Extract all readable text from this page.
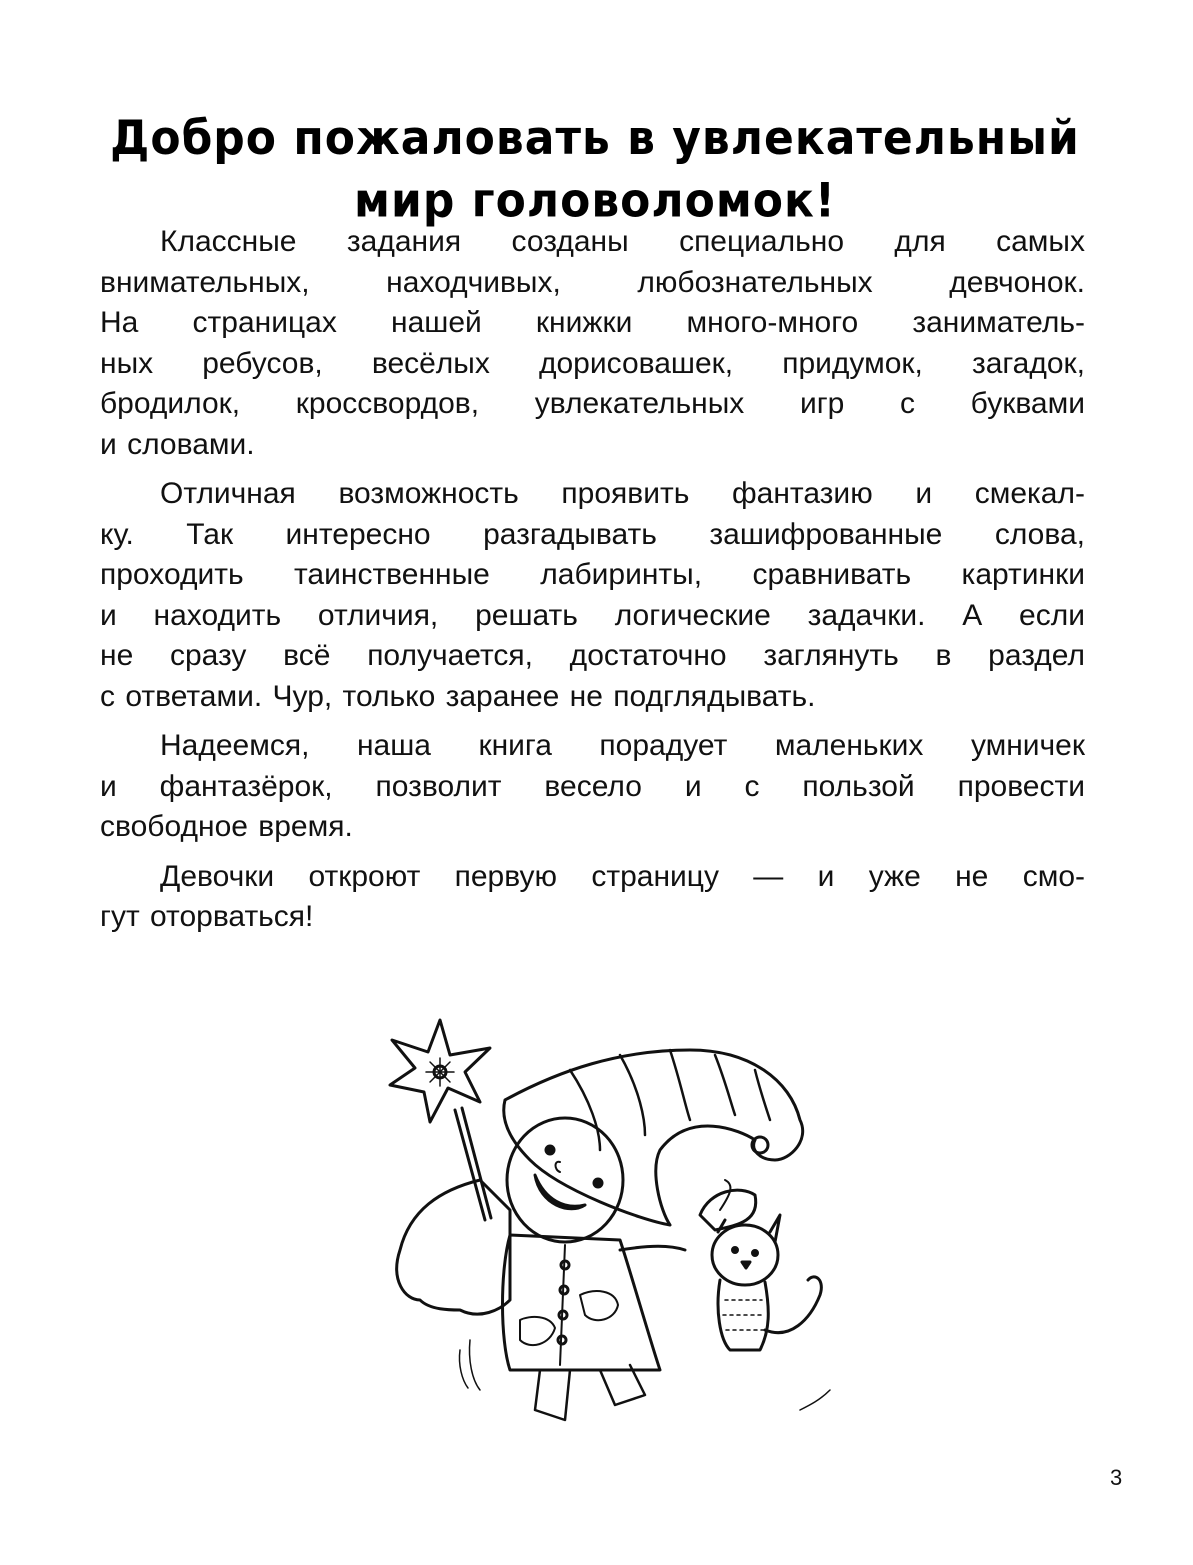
Добро пожаловать в увлекательный
мир головоломок!
Классные задания созданы специально для самых
внимательных, находчивых, любознательных девчонок.
На страницах нашей книжки много-много заниматель-
ных ребусов, весёлых дорисовашек, придумок, загадок,
бродилок, кроссвордов, увлекательных игр с буквами
и словами.
Отличная возможность проявить фантазию и смекал-
ку. Так интересно разгадывать зашифрованные слова,
проходить таинственные лабиринты, сравнивать картинки
и находить отличия, решать логические задачки. А если
не сразу всё получается, достаточно заглянуть в раздел
с ответами. Чур, только заранее не подглядывать.
Надеемся, наша книга порадует маленьких умничек
и фантазёрок, позволит весело и с пользой провести
свободное время.
Девочки откроют первую страницу — и уже не смо-
гут оторваться!
3
